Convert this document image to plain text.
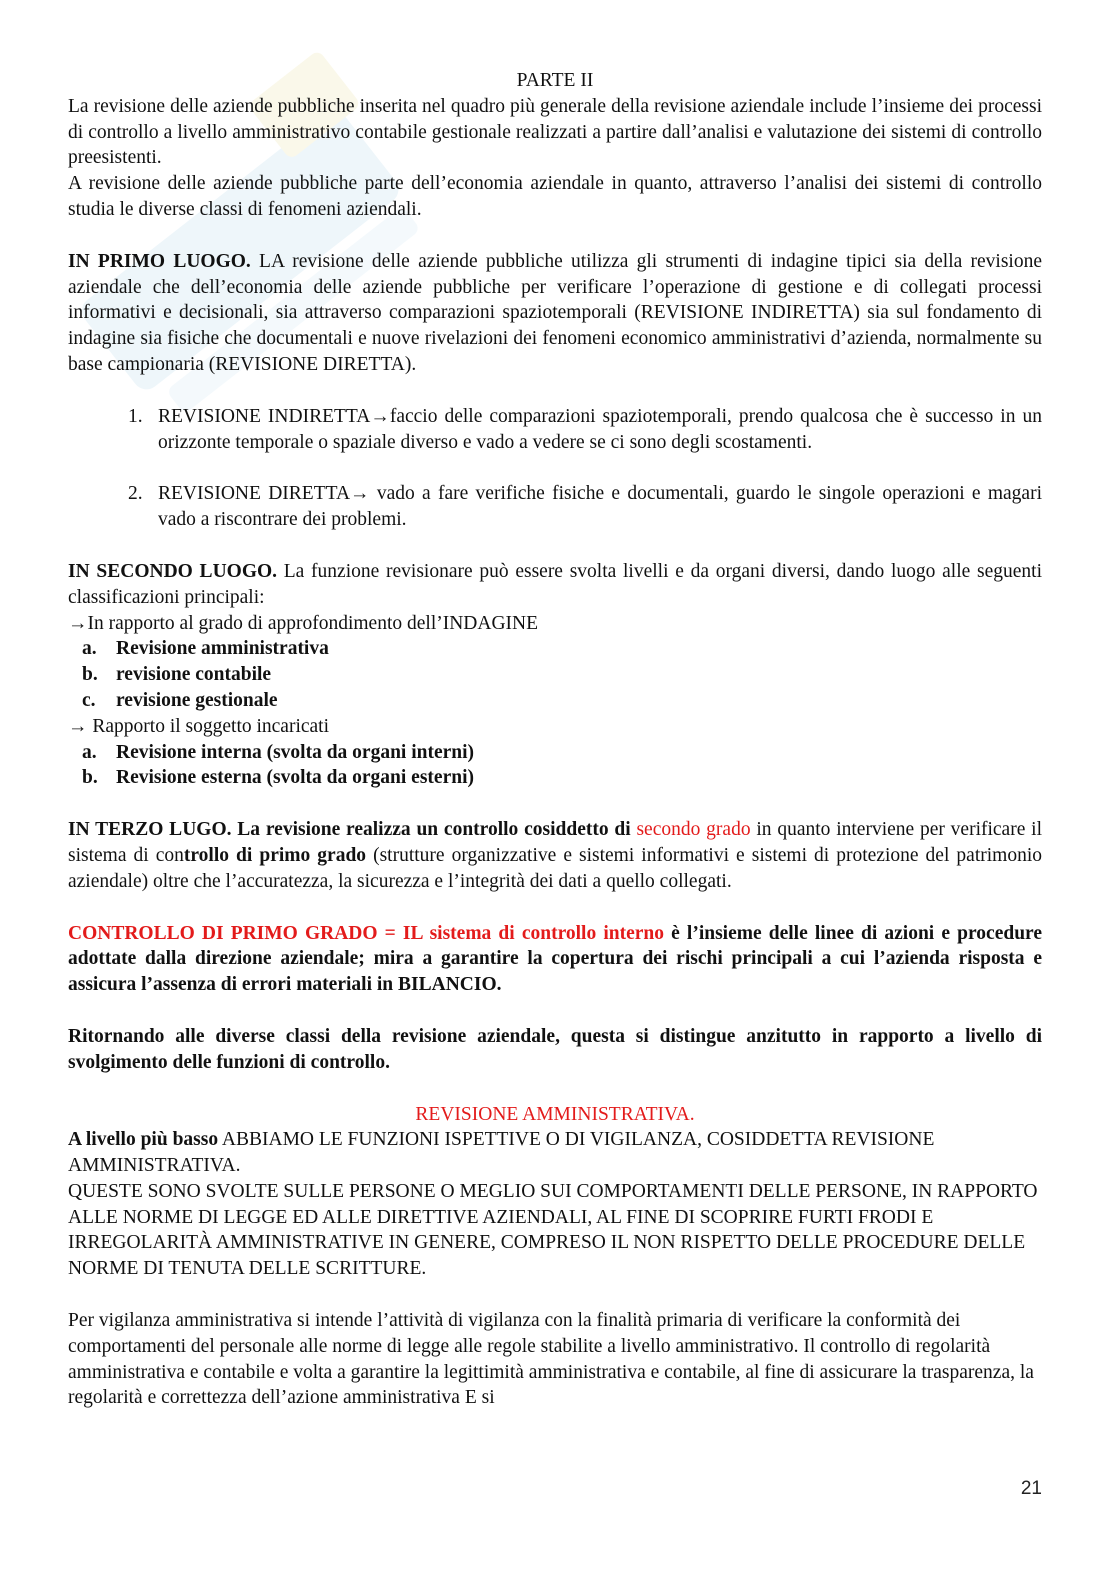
PARTE II

La revisione delle aziende pubbliche inserita nel quadro più generale della revisione aziendale include l’insieme dei processi di controllo a livello amministrativo contabile gestionale realizzati a partire dall’analisi e valutazione dei sistemi di controllo preesistenti.

A revisione delle aziende pubbliche parte dell’economia aziendale in quanto, attraverso l’analisi dei sistemi di controllo studia le diverse classi di fenomeni aziendali.

IN PRIMO LUOGO. LA revisione delle aziende pubbliche utilizza gli strumenti di indagine tipici sia della revisione aziendale che dell’economia delle aziende pubbliche per verificare l’operazione di gestione e di collegati processi informativi e decisionali, sia attraverso comparazioni spaziotemporali (REVISIONE INDIRETTA) sia sul fondamento di indagine sia fisiche che documentali e nuove rivelazioni dei fenomeni economico amministrativi d’azienda, normalmente su base campionaria (REVISIONE DIRETTA).

1. REVISIONE INDIRETTA→faccio delle comparazioni spaziotemporali, prendo qualcosa che è successo in un orizzonte temporale o spaziale diverso e vado a vedere se ci sono degli scostamenti.
2. REVISIONE DIRETTA→ vado a fare verifiche fisiche e documentali, guardo le singole operazioni e magari vado a riscontrare dei problemi.

IN SECONDO LUOGO. La funzione revisionare può essere svolta livelli e da organi diversi, dando luogo alle seguenti classificazioni principali:

→In rapporto al grado di approfondimento dell’INDAGINE

a. Revisione amministrativa
b. revisione contabile
c.	revisione gestionale

→ Rapporto il soggetto incaricati

a. Revisione interna (svolta da organi interni)
b. Revisione esterna (svolta da organi esterni)

IN TERZO LUGO. La revisione realizza un controllo cosiddetto di secondo grado in quanto interviene per verificare il sistema di controllo di primo grado (strutture organizzative e sistemi informativi e sistemi di protezione del patrimonio aziendale) oltre che l’accuratezza, la sicurezza e l’integrità dei dati a quello collegati.

CONTROLLO DI PRIMO GRADO = IL sistema di controllo interno è l’insieme delle linee di azioni e procedure adottate dalla direzione aziendale; mira a garantire la copertura dei rischi principali a cui l’azienda risposta e assicura l’assenza di errori materiali in BILANCIO.

Ritornando alle diverse classi della revisione aziendale, questa si distingue anzitutto in rapporto a livello di svolgimento delle funzioni di controllo.

REVISIONE AMMINISTRATIVA.

A livello più basso ABBIAMO LE FUNZIONI ISPETTIVE O DI VIGILANZA, COSIDDETTA REVISIONE AMMINISTRATIVA.

QUESTE SONO SVOLTE SULLE PERSONE O MEGLIO SUI COMPORTAMENTI DELLE PERSONE, IN RAPPORTO ALLE NORME DI LEGGE ED ALLE DIRETTIVE AZIENDALI, AL FINE DI SCOPRIRE FURTI FRODI E IRREGOLARITÀ AMMINISTRATIVE IN GENERE, COMPRESO IL NON RISPETTO DELLE PROCEDURE DELLE NORME DI TENUTA DELLE SCRITTURE.

Per vigilanza amministrativa si intende l’attività di vigilanza con la finalità primaria di verificare la conformità dei comportamenti del personale alle norme di legge alle regole stabilite a livello amministrativo. Il controllo di regolarità amministrativa e contabile e volta a garantire la legittimità amministrativa e contabile, al fine di assicurare la trasparenza, la regolarità e correttezza dell’azione amministrativa E si

21
